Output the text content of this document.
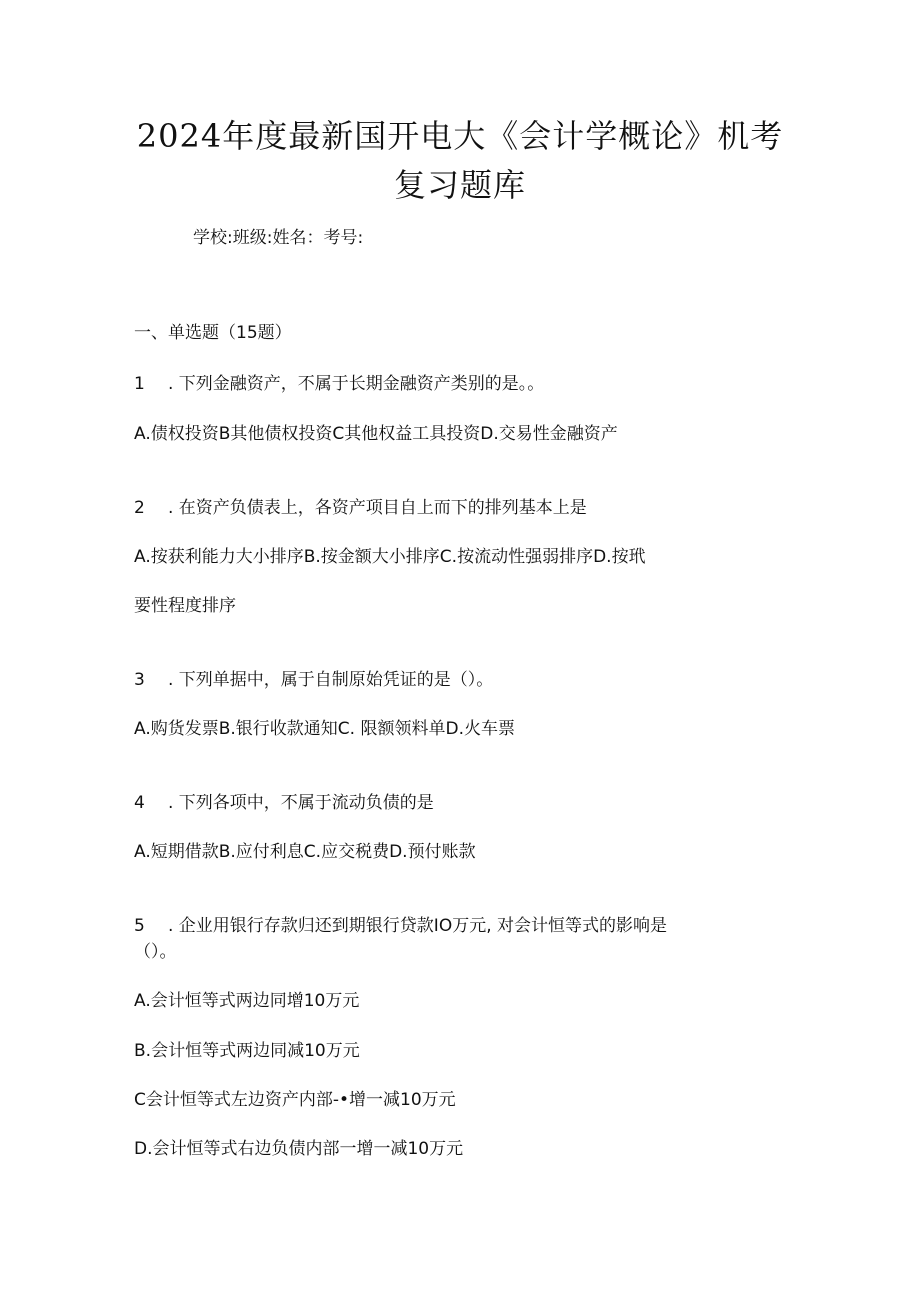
2024年度最新国开电大《会计学概论》机考
复习题库
学校:班级:姓名：考号:
一、单选题（15题）
1 . 下列金融资产，不属于长期金融资产类别的是。。
A.债权投资B其他债权投资C其他权益工具投资D.交易性金融资产
2 . 在资产负债表上，各资产项目自上而下的排列基本上是
A.按获利能力大小排序B.按金额大小排序C.按流动性强弱排序D.按玳
要性程度排序
3 . 下列单据中，属于自制原始凭证的是（）。
A.购货发票B.银行收款通知C. 限额领料单D.火车票
4 . 下列各项中，不属于流动负债的是
A.短期借款B.应付利息C.应交税费D.预付账款
5 . 企业用银行存款归还到期银行贷款IO万元, 对会计恒等式的影响是
（）。
A.会计恒等式两边同增10万元
B.会计恒等式两边同减10万元
C会计恒等式左边资产内部-•增一减10万元
D.会计恒等式右边负债内部一增一减10万元
